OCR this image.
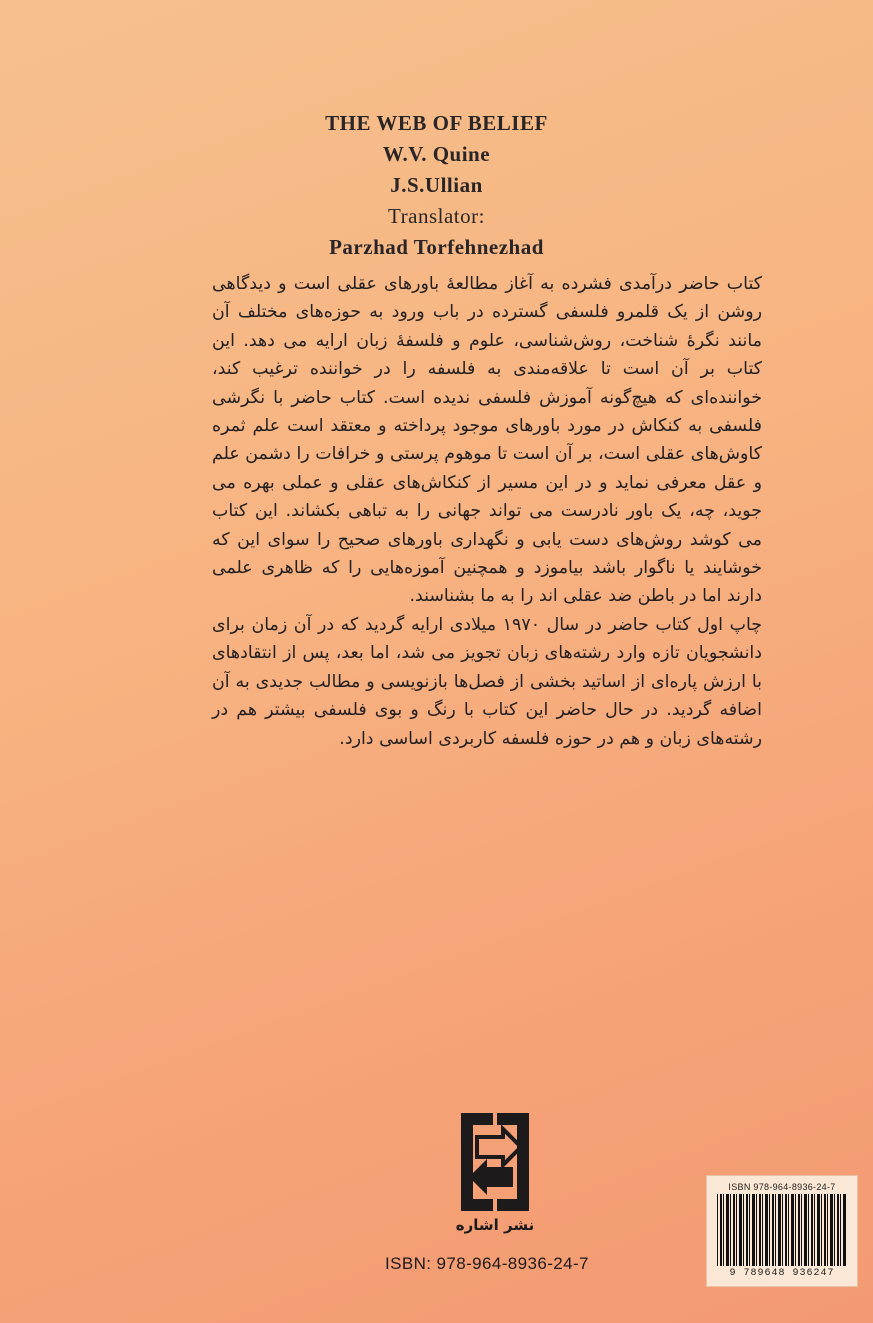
THE WEB OF BELIEF
W.V. Quine
J.S.Ullian
Translator:
Parzhad Torfehnezhad

کتاب حاضر درآمدی فشرده به آغاز مطالعهٔ باورهای عقلی است و دیدگاهی روشن از یک قلمرو فلسفی گسترده در باب ورود به حوزه‌های مختلف آن مانند نگرهٔ شناخت، روش‌شناسی، علوم و فلسفهٔ زبان ارایه می دهد. این کتاب بر آن است تا علاقه‌مندی به فلسفه را در خواننده ترغیب کند، خواننده‌ای که هیچ‌گونه آموزش فلسفی ندیده است. کتاب حاضر با نگرشی فلسفی به کنکاش در مورد باورهای موجود پرداخته و معتقد است علم ثمره کاوش‌های عقلی است، بر آن است تا موهوم پرستی و خرافات را دشمن علم و عقل معرفی نماید و در این مسیر از کنکاش‌های عقلی و عملی بهره می جوید، چه، یک باور نادرست می تواند جهانی را به تباهی بکشاند. این کتاب می کوشد روش‌های دست یابی و نگهداری باورهای صحیح را سوای این که خوشایند یا ناگوار باشد بیاموزد و همچنین آموزه‌هایی را که ظاهری علمی دارند اما در باطن ضد عقلی اند را به ما بشناسند.

چاپ اول کتاب حاضر در سال ۱۹۷۰ میلادی ارایه گردید که در آن زمان برای دانشجویان تازه وارد رشته‌های زبان تجویز می شد، اما بعد، پس از انتقادهای با ارزش پاره‌ای از اساتید بخشی از فصل‌ها بازنویسی و مطالب جدیدی به آن اضافه گردید. در حال حاضر این کتاب با رنگ و بوی فلسفی بیشتر هم در رشته‌های زبان و هم در حوزه فلسفه کاربردی اساسی دارد.

نشر اشاره
ISBN: 978-964-8936-24-7
ISBN 978-964-8936-24-7
9 789648 936247
